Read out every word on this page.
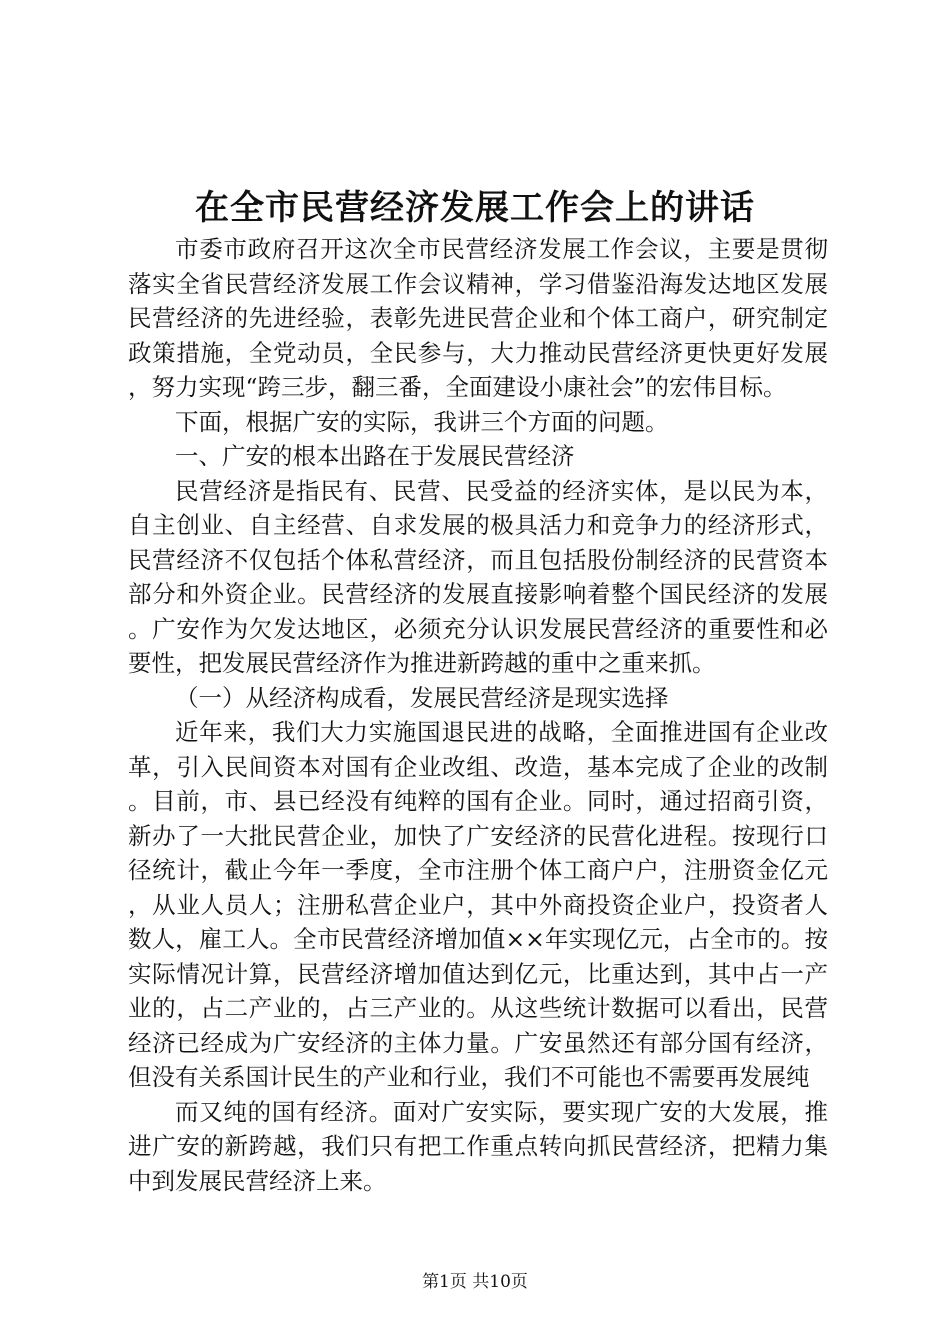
在全市民营经济发展工作会上的讲话

市委市政府召开这次全市民营经济发展工作会议，主要是贯彻落实全省民营经济发展工作会议精神，学习借鉴沿海发达地区发展民营经济的先进经验，表彰先进民营企业和个体工商户，研究制定政策措施，全党动员，全民参与，大力推动民营经济更快更好发展，努力实现“跨三步，翻三番，全面建设小康社会”的宏伟目标。

下面，根据广安的实际，我讲三个方面的问题。

一、广安的根本出路在于发展民营经济

民营经济是指民有、民营、民受益的经济实体，是以民为本，自主创业、自主经营、自求发展的极具活力和竞争力的经济形式，民营经济不仅包括个体私营经济，而且包括股份制经济的民营资本部分和外资企业。民营经济的发展直接影响着整个国民经济的发展。广安作为欠发达地区，必须充分认识发展民营经济的重要性和必要性，把发展民营经济作为推进新跨越的重中之重来抓。

（一）从经济构成看，发展民营经济是现实选择

近年来，我们大力实施国退民进的战略，全面推进国有企业改革，引入民间资本对国有企业改组、改造，基本完成了企业的改制。目前，市、县已经没有纯粹的国有企业。同时，通过招商引资，新办了一大批民营企业，加快了广安经济的民营化进程。按现行口径统计，截止今年一季度，全市注册个体工商户户，注册资金亿元，从业人员人；注册私营企业户，其中外商投资企业户，投资者人数人，雇工人。全市民营经济增加值××年实现亿元，占全市的。按实际情况计算，民营经济增加值达到亿元，比重达到，其中占一产业的，占二产业的，占三产业的。从这些统计数据可以看出，民营经济已经成为广安经济的主体力量。广安虽然还有部分国有经济，但没有关系国计民生的产业和行业，我们不可能也不需要再发展纯

而又纯的国有经济。面对广安实际，要实现广安的大发展，推进广安的新跨越，我们只有把工作重点转向抓民营经济，把精力集中到发展民营经济上来。

第1页 共10页
